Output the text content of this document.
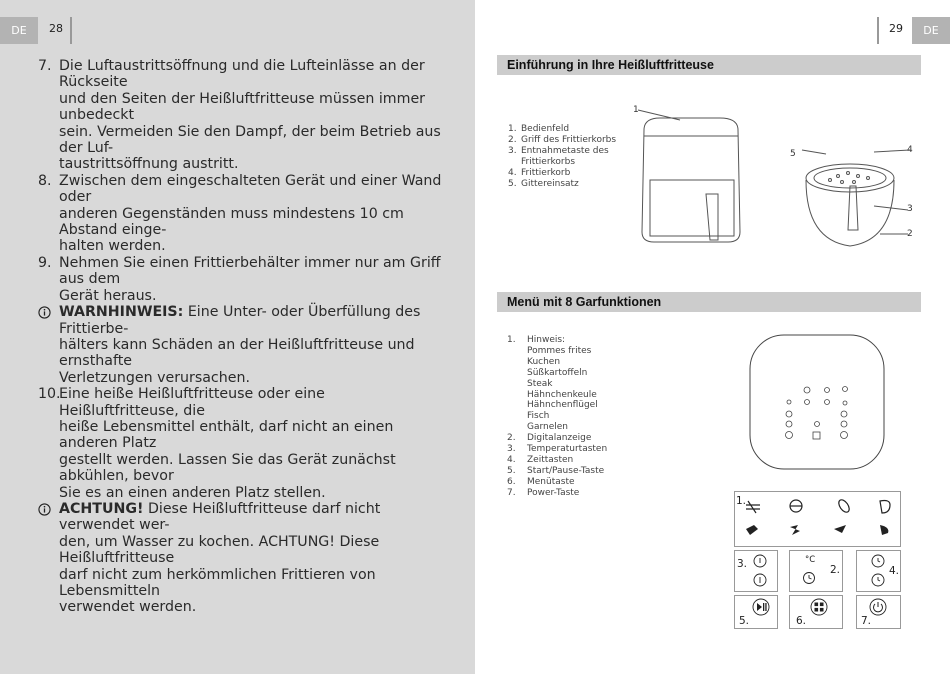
DE	28
7. Die Luftaustrittsöffnung und die Lufteinlässe an der Rückseite
und den Seiten der Heißluftfritteuse müssen immer unbedeckt
sein. Vermeiden Sie den Dampf, der beim Betrieb aus der Luf-
taustrittsöffnung austritt.
8. Zwischen dem eingeschalteten Gerät und einer Wand oder
anderen Gegenständen muss mindestens 10 cm Abstand einge-
halten werden.
9. Nehmen Sie einen Frittierbehälter immer nur am Griff aus dem
Gerät heraus.
WARNHINWEIS: Eine Unter- oder Überfüllung des Frittierbe-
hälters kann Schäden an der Heißluftfritteuse und ernsthafte
Verletzungen verursachen.
10.
Eine heiße Heißluftfritteuse oder eine Heißluftfritteuse, die
heiße Lebensmittel enthält, darf nicht an einen anderen Platz
gestellt werden. Lassen Sie das Gerät zunächst abkühlen, bevor
Sie es an einen anderen Platz stellen.
ACHTUNG! Diese Heißluftfritteuse darf nicht verwendet wer-
den, um Wasser zu kochen. ACHTUNG! Diese Heißluftfritteuse
darf nicht zum herkömmlichen Frittieren von Lebensmitteln
verwendet werden.
29	DE
Einführung in Ihre Heißluftfritteuse
1. Bedienfeld
2. Griff des Frittierkorbs
3. Entnahmetaste des
Frittierkorbs
4. Frittierkorb
5. Gittereinsatz
1
2
3
4
5
Menü mit 8 Garfunktionen
1.	Hinweis:
Pommes frites
Kuchen
Süßkartoffeln
Steak
Hähnchenkeule
Hähnchenflügel
Fisch
Garnelen
2.	Digitalanzeige
3.	Temperaturtasten
4.	Zeittasten
5.	Start/Pause-Taste
6.	Menütaste
7.	Power-Taste
1.
3.	°C
2.	4.
5.	6.	7.
